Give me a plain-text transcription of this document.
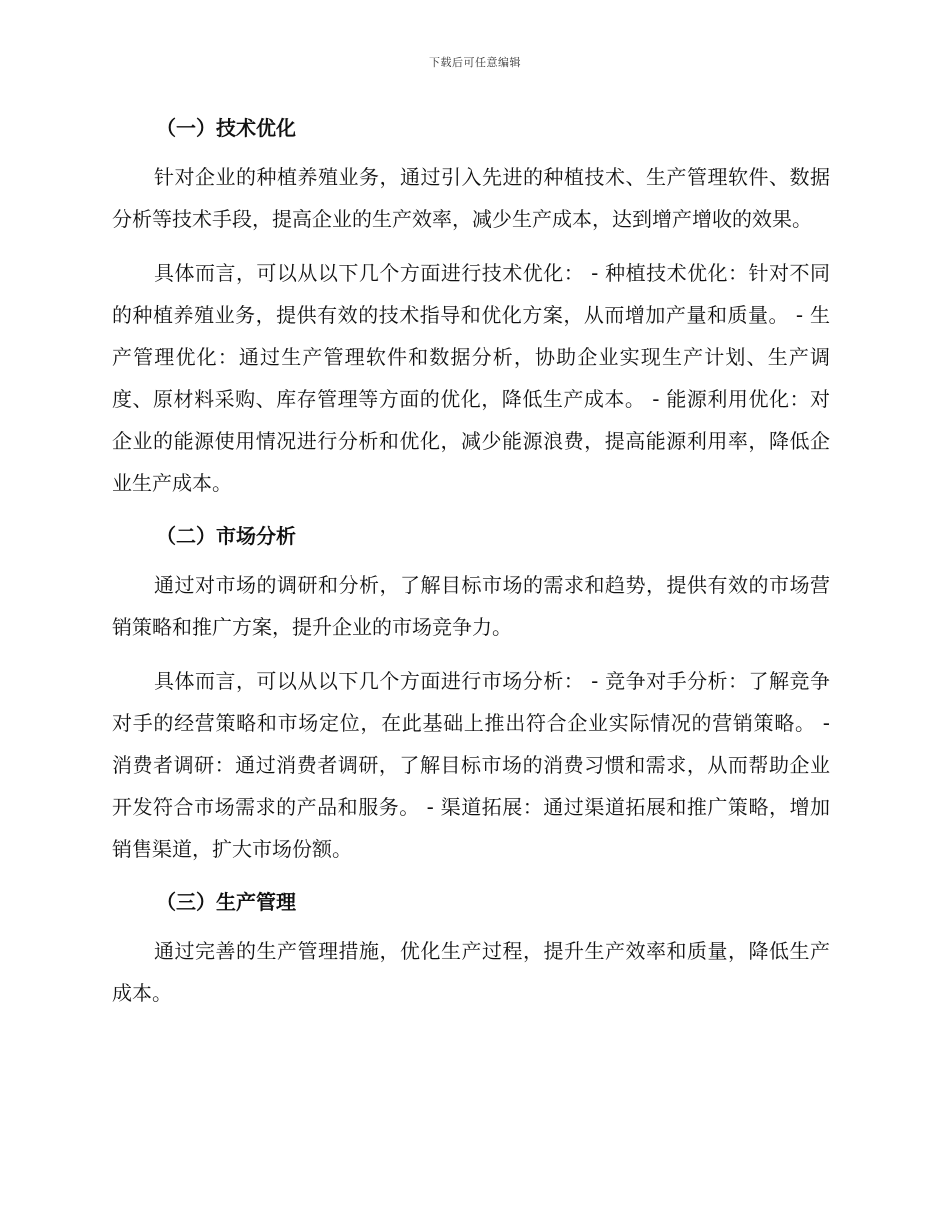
下载后可任意编辑
（一）技术优化

针对企业的种植养殖业务，通过引入先进的种植技术、生产管理软件、数据分析等技术手段，提高企业的生产效率，减少生产成本，达到增产增收的效果。

具体而言，可以从以下几个方面进行技术优化： - 种植技术优化：针对不同的种植养殖业务，提供有效的技术指导和优化方案，从而增加产量和质量。 - 生产管理优化：通过生产管理软件和数据分析，协助企业实现生产计划、生产调度、原材料采购、库存管理等方面的优化，降低生产成本。 - 能源利用优化：对企业的能源使用情况进行分析和优化，减少能源浪费，提高能源利用率，降低企业生产成本。

（二）市场分析

通过对市场的调研和分析，了解目标市场的需求和趋势，提供有效的市场营销策略和推广方案，提升企业的市场竞争力。

具体而言，可以从以下几个方面进行市场分析： - 竞争对手分析：了解竞争对手的经营策略和市场定位，在此基础上推出符合企业实际情况的营销策略。 - 消费者调研：通过消费者调研，了解目标市场的消费习惯和需求，从而帮助企业开发符合市场需求的产品和服务。 - 渠道拓展：通过渠道拓展和推广策略，增加销售渠道，扩大市场份额。

（三）生产管理

通过完善的生产管理措施，优化生产过程，提升生产效率和质量，降低生产成本。
